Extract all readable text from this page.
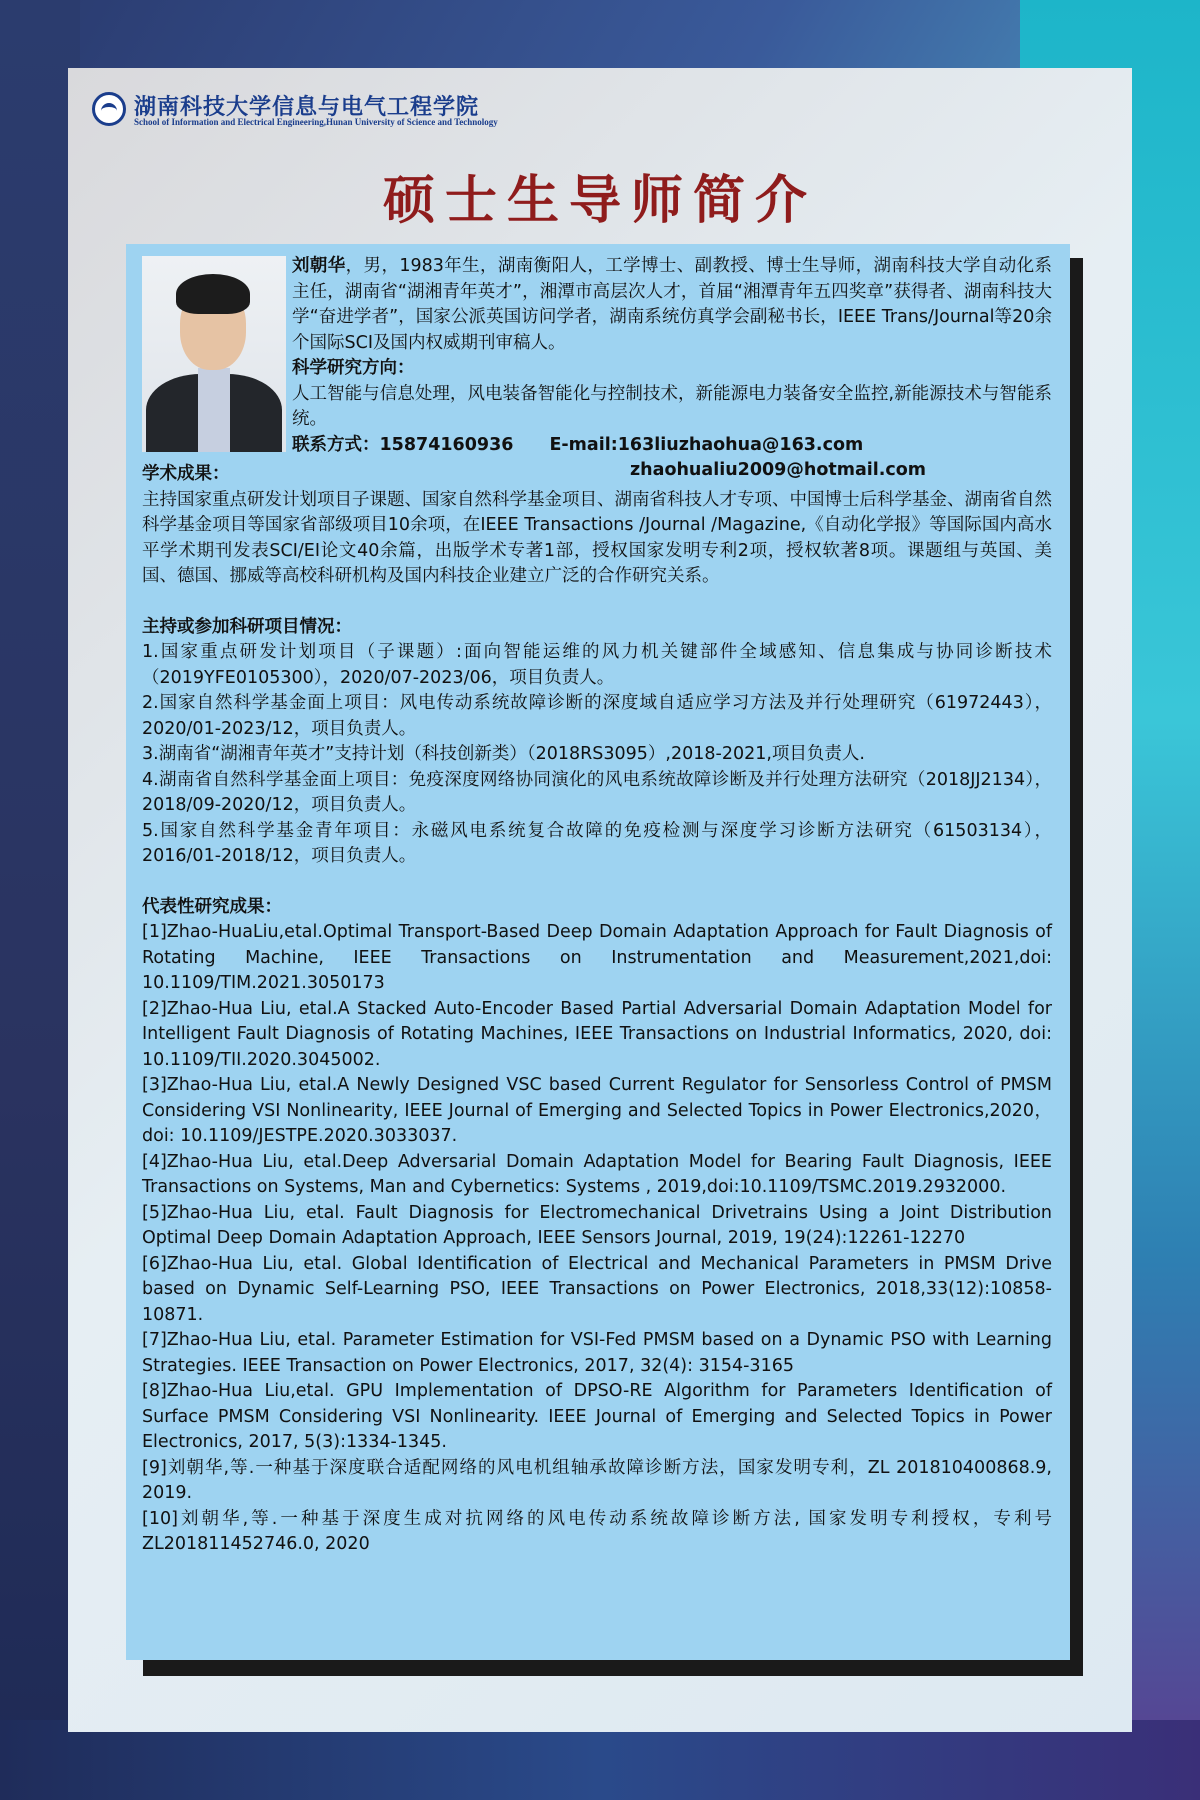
湖南科技大学信息与电气工程学院
School of Information and Electrical Engineering,Hunan University of Science and Technology
硕士生导师简介
刘朝华，男，1983年生，湖南衡阳人，工学博士、副教授、博士生导师，湖南科技大学自动化系主任，湖南省“湖湘青年英才”，湘潭市高层次人才，首届“湘潭青年五四奖章”获得者、湖南科技大学“奋进学者”，国家公派英国访问学者，湖南系统仿真学会副秘书长，IEEE Trans/Journal等20余个国际SCI及国内权威期刊审稿人。
科学研究方向：
人工智能与信息处理，风电装备智能化与控制技术，新能源电力装备安全监控,新能源技术与智能系统。
联系方式：15874160936 E-mail:163liuzhaohua@163.com
zhaohualiu2009@hotmail.com
学术成果：
主持国家重点研发计划项目子课题、国家自然科学基金项目、湖南省科技人才专项、中国博士后科学基金、湖南省自然科学基金项目等国家省部级项目10余项，在IEEE Transactions /Journal /Magazine,《自动化学报》等国际国内高水平学术期刊发表SCI/EI论文40余篇，出版学术专著1部，授权国家发明专利2项，授权软著8项。课题组与英国、美国、德国、挪威等高校科研机构及国内科技企业建立广泛的合作研究关系。
主持或参加科研项目情况：
1.国家重点研发计划项目（子课题）:面向智能运维的风力机关键部件全域感知、信息集成与协同诊断技术（2019YFE0105300），2020/07-2023/06，项目负责人。
2.国家自然科学基金面上项目：风电传动系统故障诊断的深度域自适应学习方法及并行处理研究（61972443），2020/01-2023/12，项目负责人。
3.湖南省“湖湘青年英才”支持计划（科技创新类）（2018RS3095）,2018-2021,项目负责人.
4.湖南省自然科学基金面上项目：免疫深度网络协同演化的风电系统故障诊断及并行处理方法研究（2018JJ2134），2018/09-2020/12，项目负责人。
5.国家自然科学基金青年项目：永磁风电系统复合故障的免疫检测与深度学习诊断方法研究（61503134），2016/01-2018/12，项目负责人。
代表性研究成果：
[1]Zhao-HuaLiu,etal.Optimal Transport-Based Deep Domain Adaptation Approach for Fault Diagnosis of Rotating Machine, IEEE Transactions on Instrumentation and Measurement,2021,doi: 10.1109/TIM.2021.3050173
[2]Zhao-Hua Liu, etal.A Stacked Auto-Encoder Based Partial Adversarial Domain Adaptation Model for Intelligent Fault Diagnosis of Rotating Machines, IEEE Transactions on Industrial Informatics, 2020, doi: 10.1109/TII.2020.3045002.
[3]Zhao-Hua Liu, etal.A Newly Designed VSC based Current Regulator for Sensorless Control of PMSM Considering VSI Nonlinearity, IEEE Journal of Emerging and Selected Topics in Power Electronics,2020， doi: 10.1109/JESTPE.2020.3033037.
[4]Zhao-Hua Liu, etal.Deep Adversarial Domain Adaptation Model for Bearing Fault Diagnosis, IEEE Transactions on Systems, Man and Cybernetics: Systems , 2019,doi:10.1109/TSMC.2019.2932000.
[5]Zhao-Hua Liu, etal. Fault Diagnosis for Electromechanical Drivetrains Using a Joint Distribution Optimal Deep Domain Adaptation Approach, IEEE Sensors Journal, 2019, 19(24):12261-12270
[6]Zhao-Hua Liu, etal. Global Identification of Electrical and Mechanical Parameters in PMSM Drive based on Dynamic Self-Learning PSO, IEEE Transactions on Power Electronics, 2018,33(12):10858-10871.
[7]Zhao-Hua Liu, etal. Parameter Estimation for VSI-Fed PMSM based on a Dynamic PSO with Learning Strategies. IEEE Transaction on Power Electronics, 2017, 32(4): 3154-3165
[8]Zhao-Hua Liu,etal. GPU Implementation of DPSO-RE Algorithm for Parameters Identification of Surface PMSM Considering VSI Nonlinearity. IEEE Journal of Emerging and Selected Topics in Power Electronics, 2017, 5(3):1334-1345.
[9]刘朝华,等.一种基于深度联合适配网络的风电机组轴承故障诊断方法，国家发明专利，ZL 201810400868.9, 2019.
[10]刘朝华,等.一种基于深度生成对抗网络的风电传动系统故障诊断方法, 国家发明专利授权，专利号 ZL201811452746.0, 2020
